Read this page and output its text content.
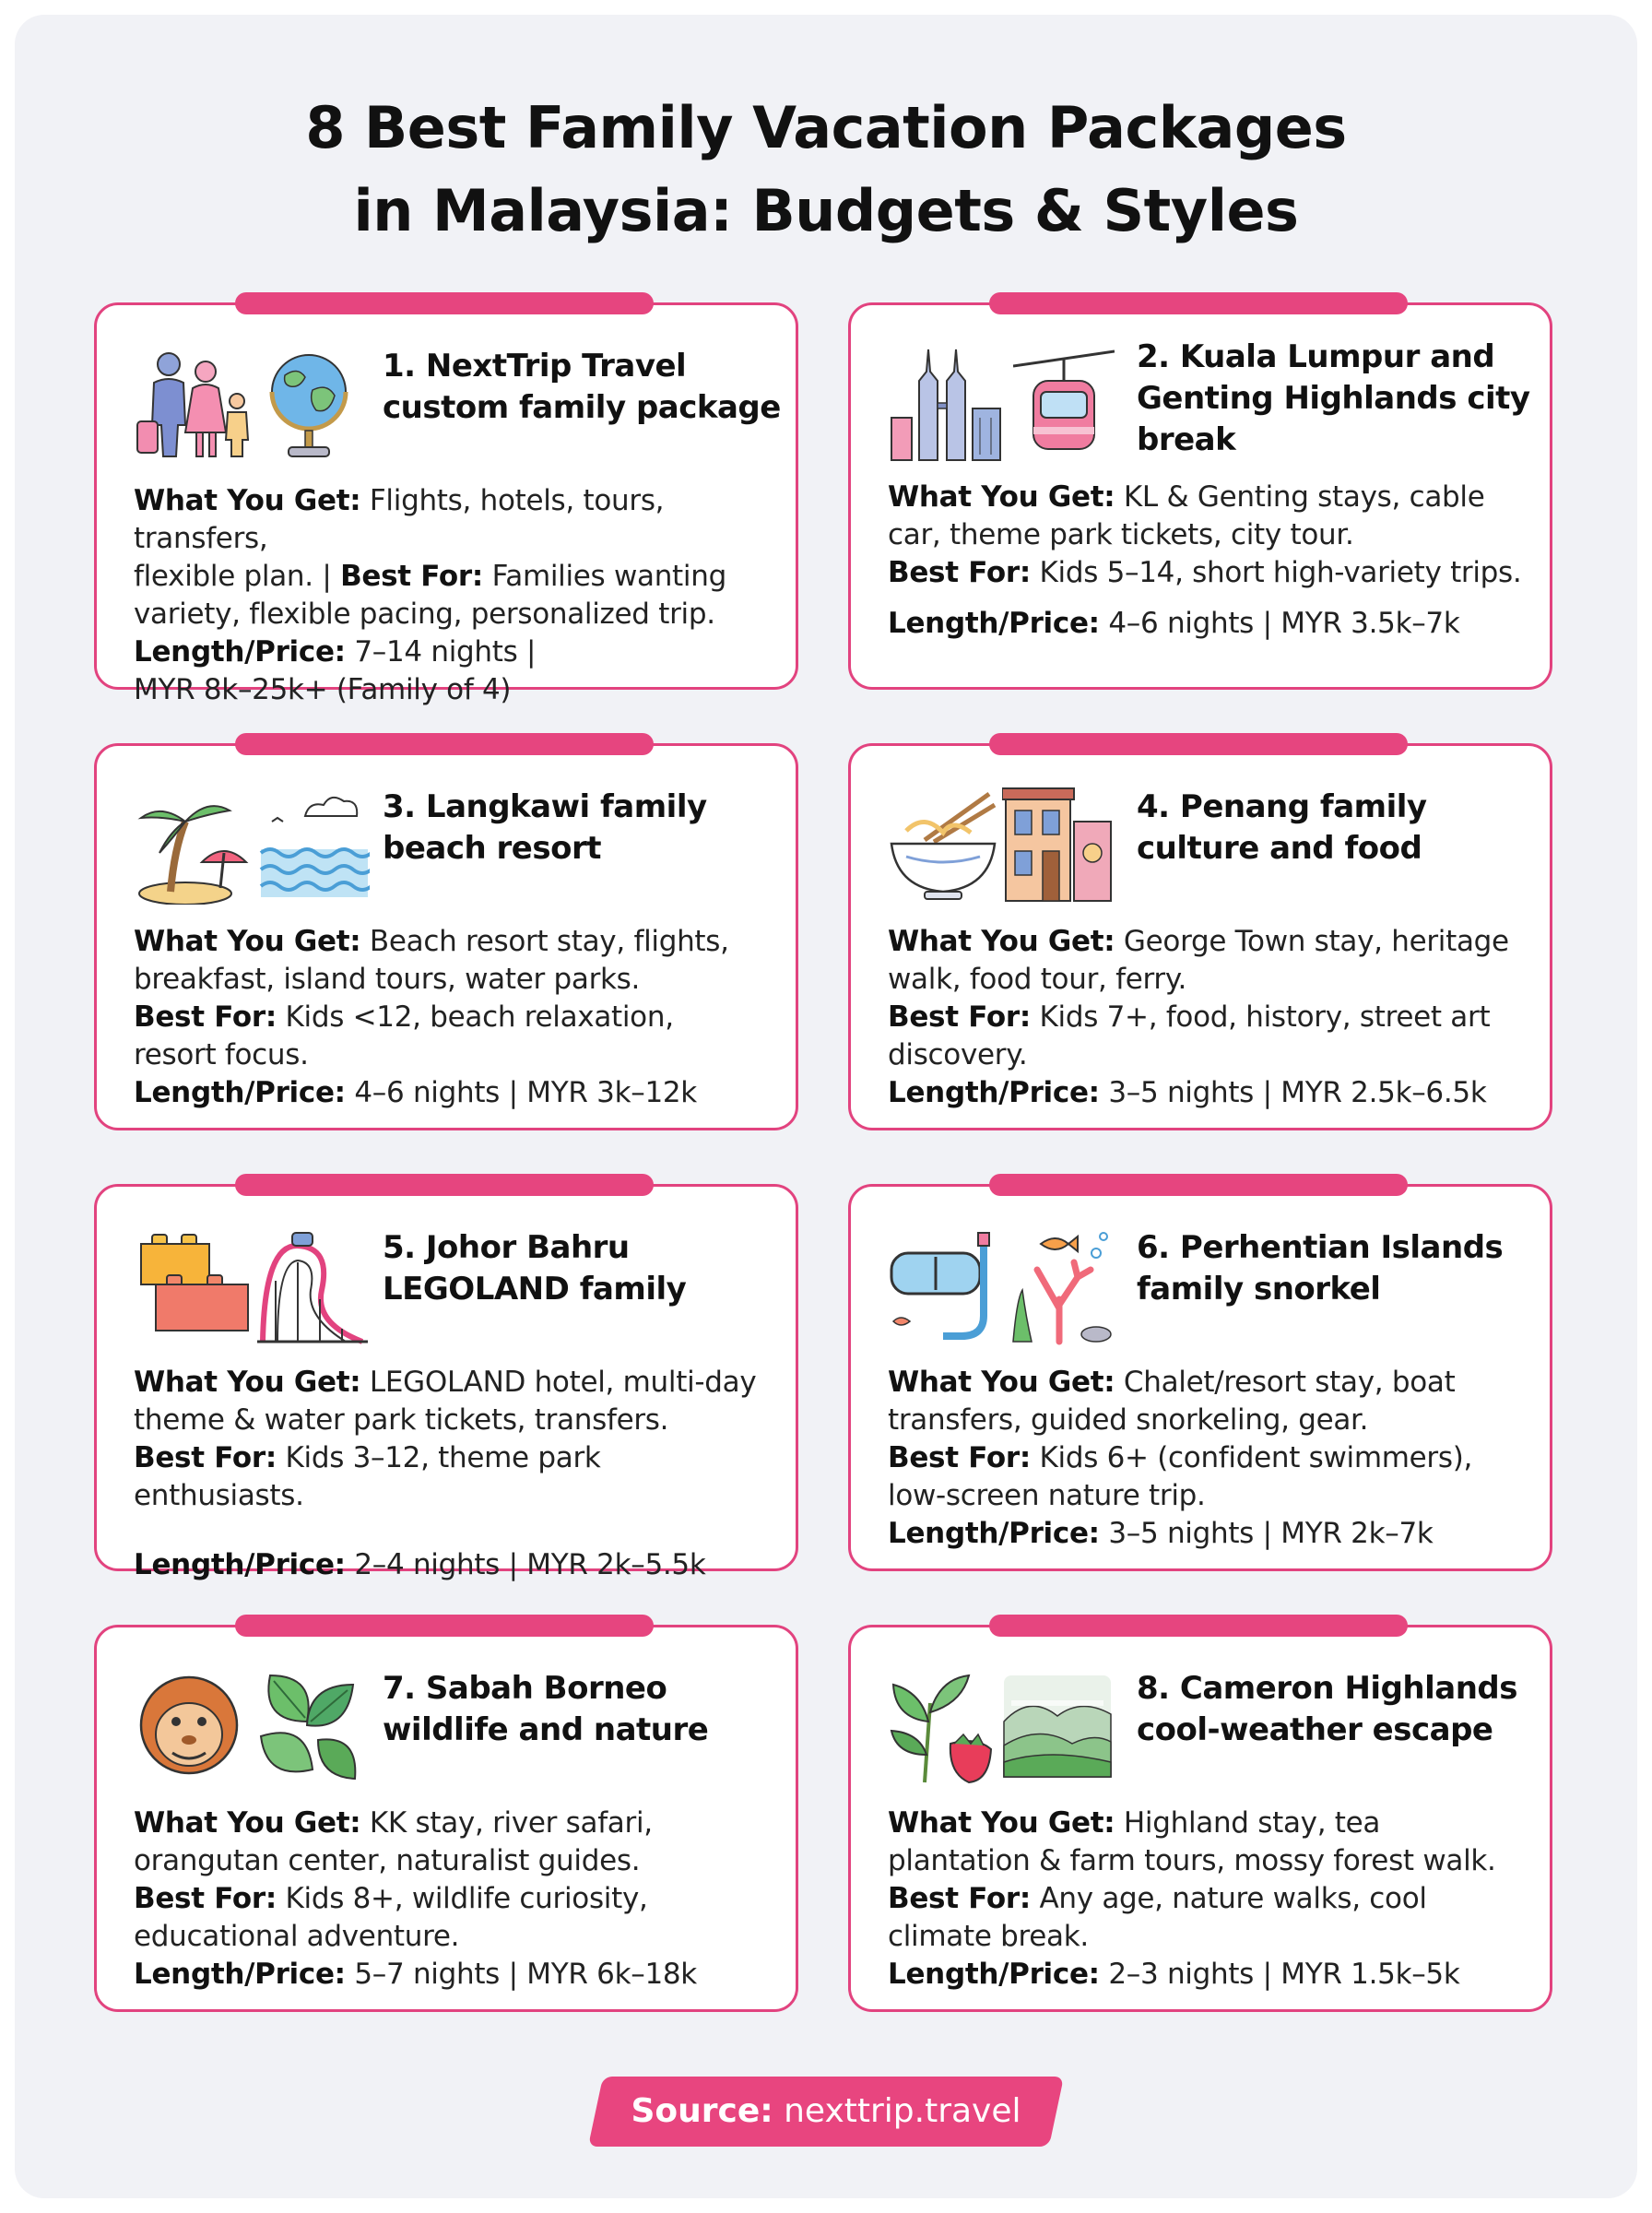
8 Best Family Vacation Packages
in Malaysia: Budgets & Styles
1. NextTrip Travel custom family package

What You Get: Flights, hotels, tours, transfers,
flexible plan. | Best For: Families wanting
variety, flexible pacing, personalized trip.
Length/Price: 7–14 nights |
MYR 8k–25k+ (Family of 4)

2. Kuala Lumpur and Genting Highlands city break

What You Get: KL & Genting stays, cable
car, theme park tickets, city tour.
Best For: Kids 5–14, short high-variety trips.
Length/Price: 4–6 nights | MYR 3.5k–7k

3. Langkawi family beach resort

What You Get: Beach resort stay, flights,
breakfast, island tours, water parks.
Best For: Kids <12, beach relaxation,
resort focus.
Length/Price: 4–6 nights | MYR 3k–12k

4. Penang family culture and food

What You Get: George Town stay, heritage
walk, food tour, ferry.
Best For: Kids 7+, food, history, street art
discovery.
Length/Price: 3–5 nights | MYR 2.5k–6.5k

5. Johor Bahru LEGOLAND family

What You Get: LEGOLAND hotel, multi-day
theme & water park tickets, transfers.
Best For: Kids 3–12, theme park enthusiasts.
Length/Price: 2–4 nights | MYR 2k–5.5k

6. Perhentian Islands family snorkel

What You Get: Chalet/resort stay, boat
transfers, guided snorkeling, gear.
Best For: Kids 6+ (confident swimmers),
low-screen nature trip.
Length/Price: 3–5 nights | MYR 2k–7k

7. Sabah Borneo wildlife and nature

What You Get: KK stay, river safari,
orangutan center, naturalist guides.
Best For: Kids 8+, wildlife curiosity,
educational adventure.
Length/Price: 5–7 nights | MYR 6k–18k

8. Cameron Highlands cool-weather escape

What You Get: Highland stay, tea
plantation & farm tours, mossy forest walk.
Best For: Any age, nature walks, cool
climate break.
Length/Price: 2–3 nights | MYR 1.5k–5k

Source: nexttrip.travel
